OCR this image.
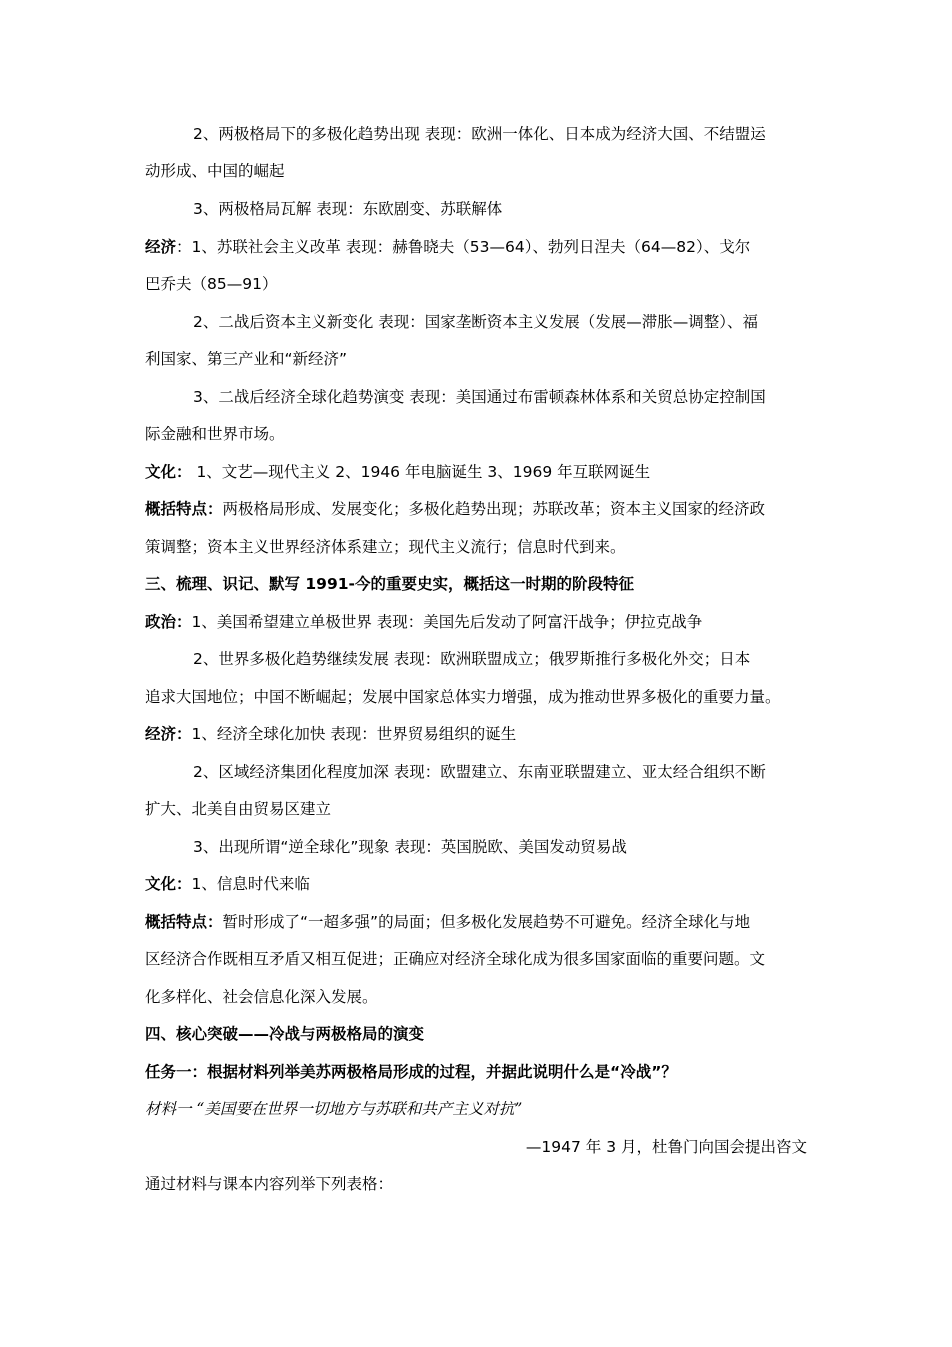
2、两极格局下的多极化趋势出现 表现：欧洲一体化、日本成为经济大国、不结盟运
动形成、中国的崛起
3、两极格局瓦解 表现：东欧剧变、苏联解体
经济：1、苏联社会主义改革 表现：赫鲁晓夫（53—64）、勃列日涅夫（64—82）、戈尔
巴乔夫（85—91）
2、二战后资本主义新变化 表现：国家垄断资本主义发展（发展—滞胀—调整）、福
利国家、第三产业和“新经济”
3、二战后经济全球化趋势演变 表现：美国通过布雷顿森林体系和关贸总协定控制国
际金融和世界市场。
文化： 1、文艺—现代主义 2、1946 年电脑诞生 3、1969 年互联网诞生
概括特点：两极格局形成、发展变化；多极化趋势出现；苏联改革；资本主义国家的经济政
策调整；资本主义世界经济体系建立；现代主义流行；信息时代到来。
三、梳理、识记、默写 1991-今的重要史实，概括这一时期的阶段特征
政治：1、美国希望建立单极世界 表现：美国先后发动了阿富汗战争；伊拉克战争
2、世界多极化趋势继续发展 表现：欧洲联盟成立；俄罗斯推行多极化外交；日本
追求大国地位；中国不断崛起；发展中国家总体实力增强，成为推动世界多极化的重要力量。
经济：1、经济全球化加快 表现：世界贸易组织的诞生
2、区域经济集团化程度加深 表现：欧盟建立、东南亚联盟建立、亚太经合组织不断
扩大、北美自由贸易区建立
3、出现所谓“逆全球化”现象 表现：英国脱欧、美国发动贸易战
文化：1、信息时代来临
概括特点：暂时形成了“一超多强”的局面；但多极化发展趋势不可避免。经济全球化与地
区经济合作既相互矛盾又相互促进；正确应对经济全球化成为很多国家面临的重要问题。文
化多样化、社会信息化深入发展。
四、核心突破——冷战与两极格局的演变
任务一：根据材料列举美苏两极格局形成的过程，并据此说明什么是“冷战”？
材料一 “美国要在世界一切地方与苏联和共产主义对抗”
—1947 年 3 月，杜鲁门向国会提出咨文
通过材料与课本内容列举下列表格：
